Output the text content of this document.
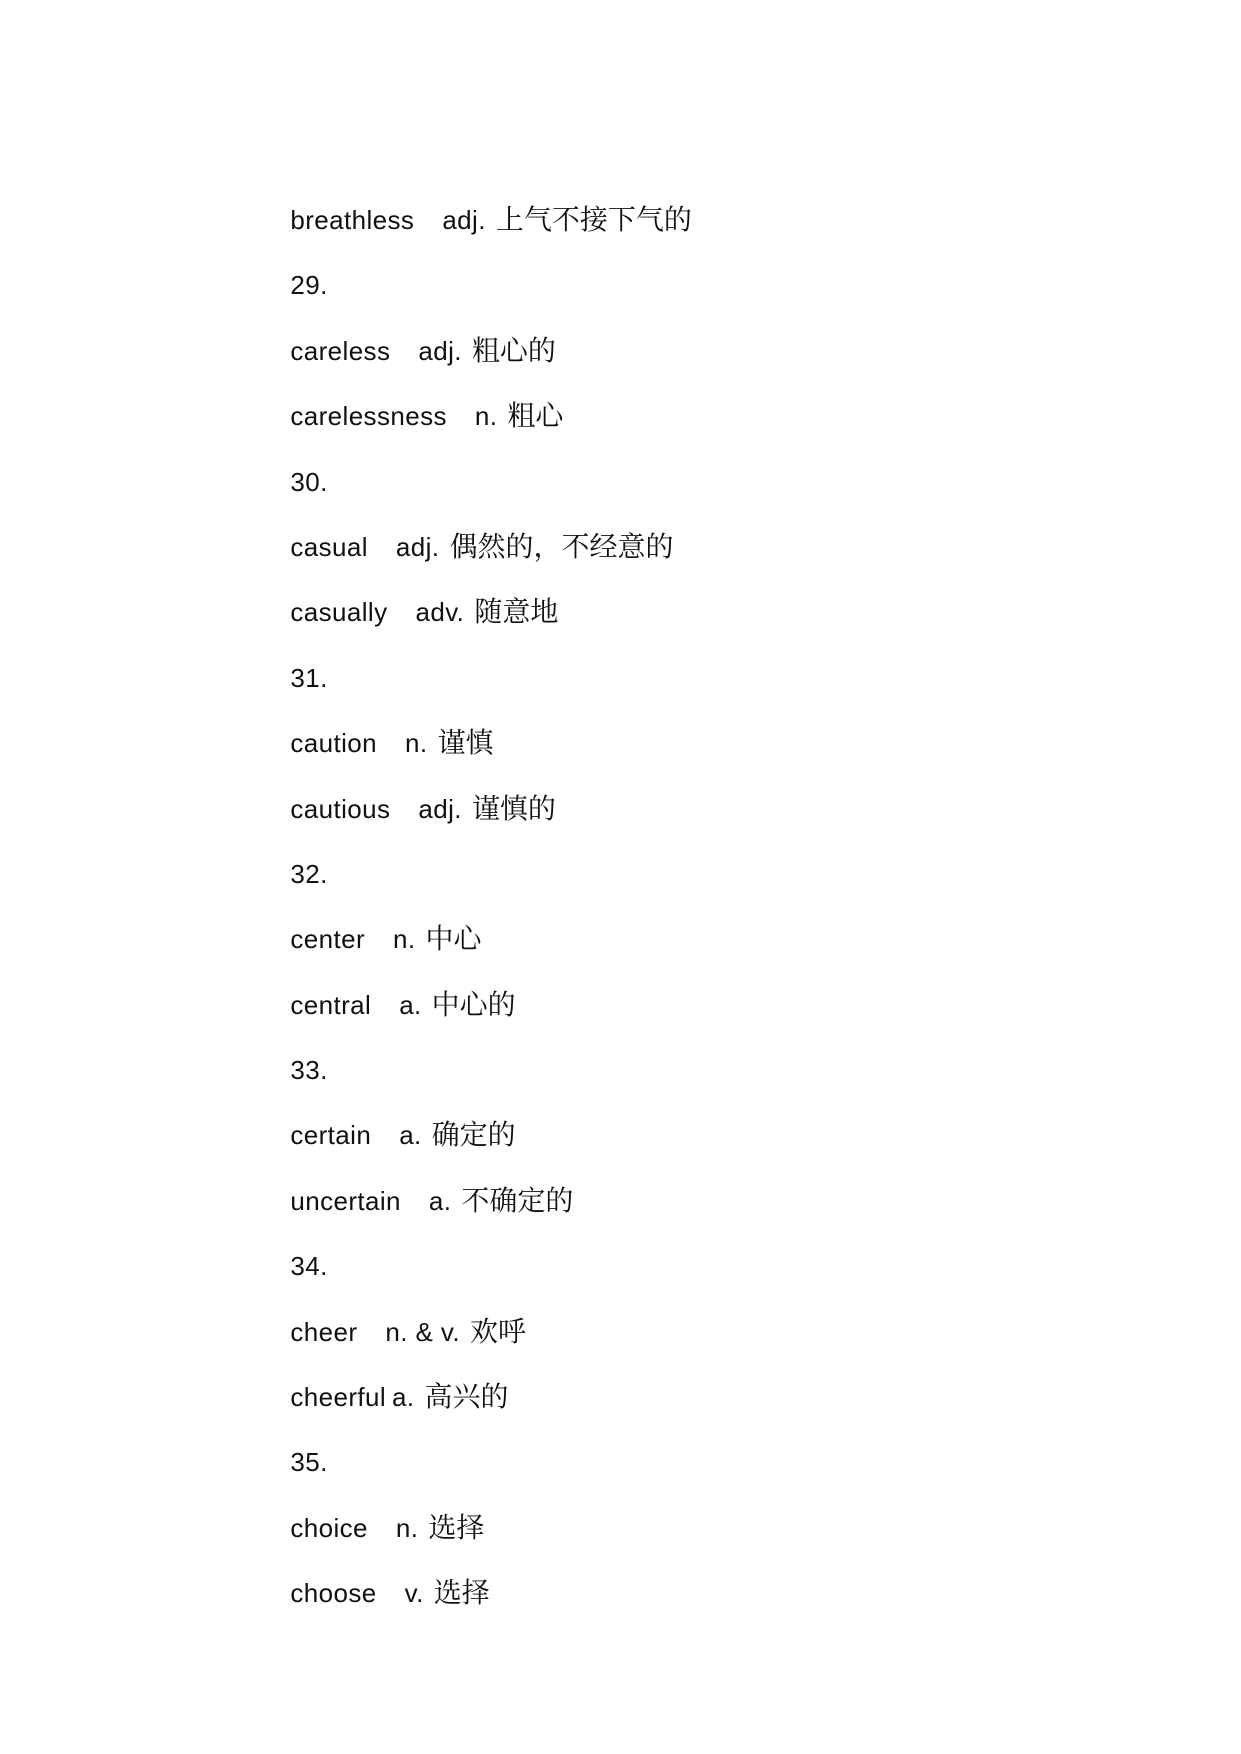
breathless adj. 上气不接下气的

29.

careless adj. 粗心的

carelessness n. 粗心

30.

casual adj. 偶然的，不经意的

casually adv. 随意地

31.

caution n. 谨慎

cautious adj. 谨慎的

32.

center n. 中心

central a. 中心的

33.

certain a. 确定的

uncertain a. 不确定的

34.

cheer n. & v. 欢呼

cheerful a. 高兴的

35.

choice n. 选择

choose v. 选择
